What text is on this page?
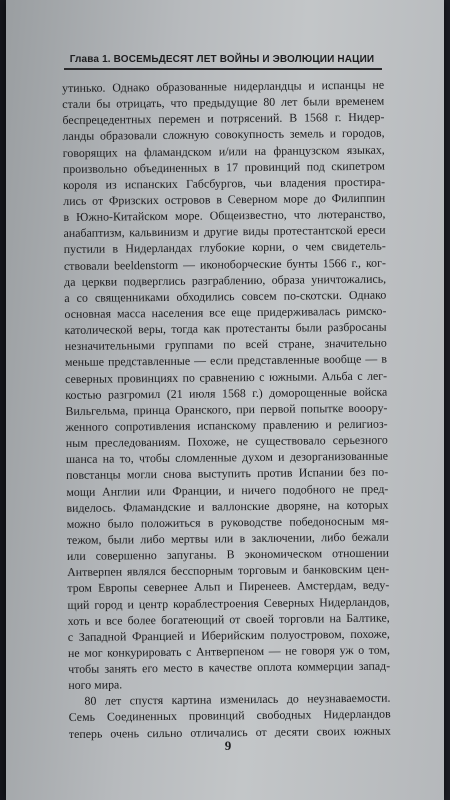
Глава 1. ВОСЕМЬДЕСЯТ ЛЕТ ВОЙНЫ И ЭВОЛЮЦИИ НАЦИИ
утинько. Однако образованные нидерландцы и испанцы не
стали бы отрицать, что предыдущие 80 лет были временем
беспрецедентных перемен и потрясений. В 1568 г. Нидер-
ланды образовали сложную совокупность земель и городов,
говорящих на фламандском и/или на французском языках,
произвольно объединенных в 17 провинций под скипетром
короля из испанских Габсбургов, чьи владения простира-
лись от Фризских островов в Северном море до Филиппин
в Южно-Китайском море. Общеизвестно, что лютеранство,
анабаптизм, кальвинизм и другие виды протестантской ереси
пустили в Нидерландах глубокие корни, о чем свидетель-
ствовали beeldenstorm — иконоборческие бунты 1566 г., ког-
да церкви подверглись разграблению, образа уничтожались,
а со священниками обходились совсем по-скотски. Однако
основная масса населения все еще придерживалась римско-
католической веры, тогда как протестанты были разбросаны
незначительными группами по всей стране, значительно
меньше представленные — если представленные вообще — в
северных провинциях по сравнению с южными. Альба с лег-
костью разгромил (21 июля 1568 г.) доморощенные войска
Вильгельма, принца Оранского, при первой попытке вооору-
женного сопротивления испанскому правлению и религиоз-
ным преследованиям. Похоже, не существовало серьезного
шанса на то, чтобы сломленные духом и дезорганизованные
повстанцы могли снова выступить против Испании без по-
мощи Англии или Франции, и ничего подобного не пред-
виделось. Фламандские и валлонские дворяне, на которых
можно было положиться в руководстве победоносным мя-
тежом, были либо мертвы или в заключении, либо бежали
или совершенно запуганы. В экономическом отношении
Антверпен являлся бесспорным торговым и банковским цен-
тром Европы севернее Альп и Пиренеев. Амстердам, веду-
щий город и центр кораблестроения Северных Нидерландов,
хоть и все более богатеющий от своей торговли на Балтике,
с Западной Францией и Иберийским полуостровом, похоже,
не мог конкурировать с Антверпеном — не говоря уж о том,
чтобы занять его место в качестве оплота коммерции запад-
ного мира.
80 лет спустя картина изменилась до неузнаваемости.
Семь Соединенных провинций свободных Нидерландов
теперь очень сильно отличались от десяти своих южных
9
